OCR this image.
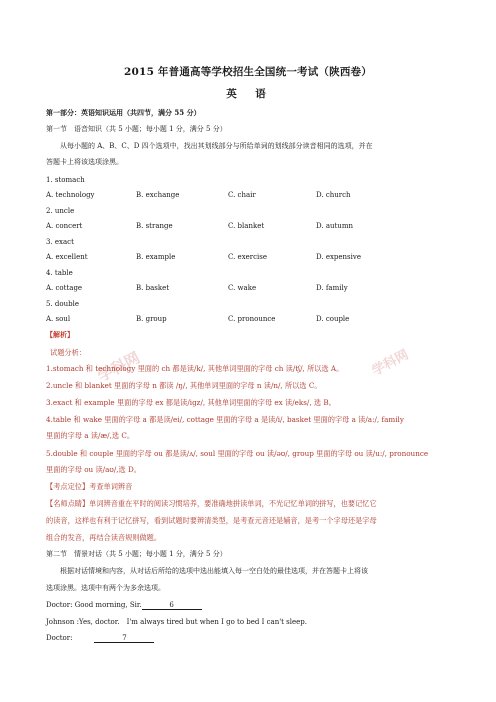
2015 年普通高等学校招生全国统一考试（陕西卷）
英　语
第一部分：英语知识运用（共四节，满分 55 分）
第一节　语音知识（共 5 小题；每小题 1 分，满分 5 分）
从每小题的 A、B、C、D 四个选项中，找出其划线部分与所给单词的划线部分读音相同的选项，并在
答题卡上将该选项涂黑。
1. stomach
A. technology	B. exchange	C. chair	D. church
2. uncle
A. concert	B. strange	C. blanket	D. autumn
3. exact
A. excellent	B. example	C. exercise	D. expensive
4. table
A. cottage	B. basket	C. wake	D. family
5. double
A. soul	B. group	C. pronounce	D. couple
学科网	学科网
【解析】
试题分析：
1.stomach 和 technology 里面的 ch 都是读/k/, 其他单词里面的字母 ch 读/tʃ/, 所以选 A。
2.uncle 和 blanket 里面的字母 n 都读 /ŋ/, 其他单词里面的字母 n 读/n/, 所以选 C。
3.exact 和 example 里面的字母 ex 都是读/igz/, 其他单词里面的字母 ex 读/eks/, 选 B。
4.table 和 wake 里面的字母 a 都是读/ei/, cottage 里面的字母 a 是读/i/, basket 里面的字母 a 读/a:/, family
里面的字母 a 读/æ/,选 C。
5.double 和 couple 里面的字母 ou 都是读/ʌ/, soul 里面的字母 ou 读/əʊ/, group 里面的字母 ou 读/u:/, pronounce
里面的字母 ou 读/aʊ/,选 D。
【考点定位】考查单词辨音
【名师点睛】单词辨音重在平时的阅读习惯培养，要准确地拼读单词，不光记忆单词的拼写，也要记忆它
的读音，这样也有利于记忆拼写，看到试题时要辨清类型，是考查元音还是辅音，是考一个字母还是字母
组合的发音，再结合读音规则做题。
第二节　情景对话（共 5 小题；每小题 1 分，满分 5 分）
根据对话情境和内容，从对话后所给的选项中选出能填入每一空白处的最佳选项，并在答题卡上将该
选项涂黑。选项中有两个为多余选项。
Doctor: Good morning, Sir.	6
Johnson :Yes, doctor.　I'm always tired but when I go to bed I can't sleep.
Doctor:	7
